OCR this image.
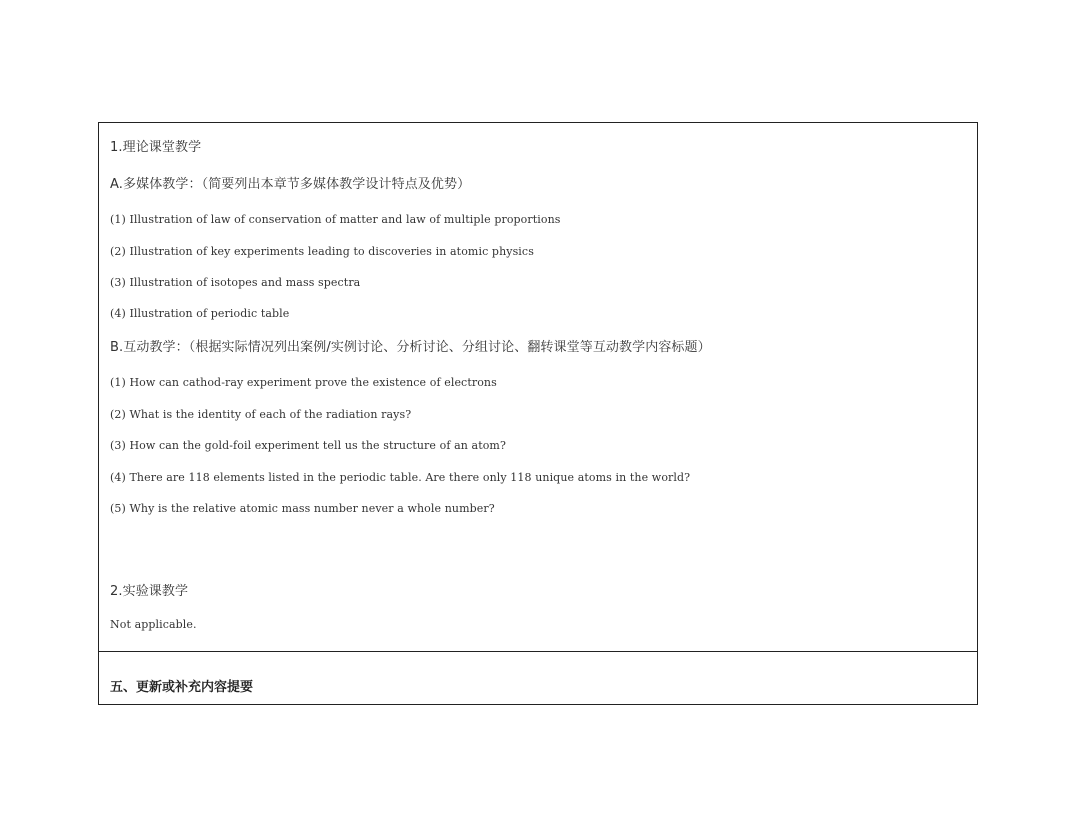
1.理论课堂教学
A.多媒体教学：（简要列出本章节多媒体教学设计特点及优势）
(1) Illustration of law of conservation of matter and law of multiple proportions
(2) Illustration of key experiments leading to discoveries in atomic physics
(3) Illustration of isotopes and mass spectra
(4) Illustration of periodic table
B.互动教学：（根据实际情况列出案例/实例讨论、分析讨论、分组讨论、翻转课堂等互动教学内容标题）
(1) How can cathod-ray experiment prove the existence of electrons
(2) What is the identity of each of the radiation rays?
(3) How can the gold-foil experiment tell us the structure of an atom?
(4) There are 118 elements listed in the periodic table. Are there only 118 unique atoms in the world?
(5) Why is the relative atomic mass number never a whole number?
2.实验课教学
Not applicable.
五、更新或补充内容提要
